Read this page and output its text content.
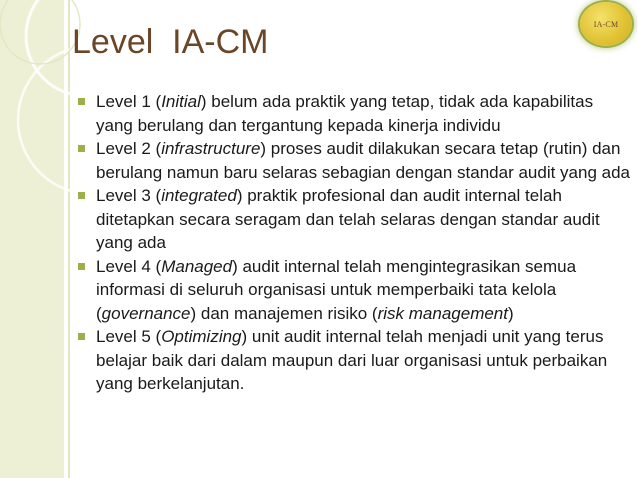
Level  IA-CM	IA-CM
Level 1 (Initial) belum ada praktik yang tetap, tidak ada kapabilitas yang berulang dan tergantung kepada kinerja individu
Level 2 (infrastructure) proses audit dilakukan secara tetap (rutin) dan berulang namun baru selaras sebagian dengan standar audit yang ada
Level 3 (integrated) praktik profesional dan audit internal telah ditetapkan secara seragam dan telah selaras dengan standar audit yang ada
Level 4 (Managed) audit internal telah mengintegrasikan semua informasi di seluruh organisasi untuk memperbaiki tata kelola (governance) dan manajemen risiko (risk management)
Level 5 (Optimizing) unit audit internal telah menjadi unit yang terus belajar baik dari dalam maupun dari luar organisasi untuk perbaikan yang berkelanjutan.
